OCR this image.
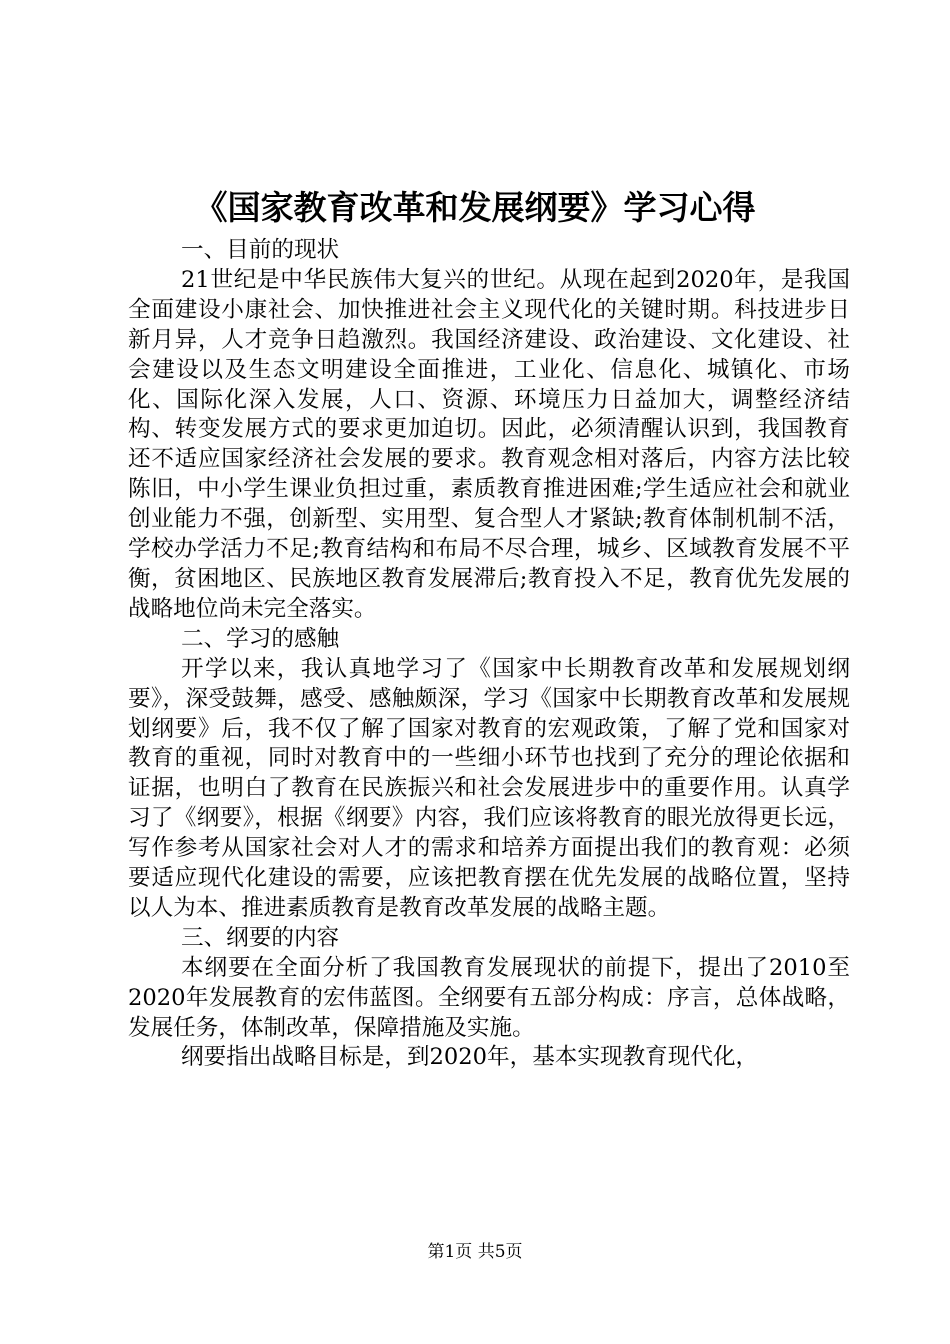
《国家教育改革和发展纲要》学习心得
一、目前的现状

21世纪是中华民族伟大复兴的世纪。从现在起到2020年，是我国全面建设小康社会、加快推进社会主义现代化的关键时期。科技进步日新月异，人才竞争日趋激烈。我国经济建设、政治建设、文化建设、社会建设以及生态文明建设全面推进，工业化、信息化、城镇化、市场化、国际化深入发展，人口、资源、环境压力日益加大，调整经济结构、转变发展方式的要求更加迫切。因此，必须清醒认识到，我国教育还不适应国家经济社会发展的要求。教育观念相对落后，内容方法比较陈旧，中小学生课业负担过重，素质教育推进困难;学生适应社会和就业创业能力不强，创新型、实用型、复合型人才紧缺;教育体制机制不活，学校办学活力不足;教育结构和布局不尽合理，城乡、区域教育发展不平衡，贫困地区、民族地区教育发展滞后;教育投入不足，教育优先发展的战略地位尚未完全落实。

二、学习的感触

开学以来，我认真地学习了《国家中长期教育改革和发展规划纲要》，深受鼓舞，感受、感触颇深，学习《国家中长期教育改革和发展规划纲要》后，我不仅了解了国家对教育的宏观政策，了解了党和国家对教育的重视，同时对教育中的一些细小环节也找到了充分的理论依据和证据，也明白了教育在民族振兴和社会发展进步中的重要作用。认真学习了《纲要》，根据《纲要》内容，我们应该将教育的眼光放得更长远，写作参考从国家社会对人才的需求和培养方面提出我们的教育观：必须要适应现代化建设的需要，应该把教育摆在优先发展的战略位置，坚持以人为本、推进素质教育是教育改革发展的战略主题。

三、纲要的内容

本纲要在全面分析了我国教育发展现状的前提下，提出了2010至2020年发展教育的宏伟蓝图。全纲要有五部分构成：序言，总体战略，发展任务，体制改革，保障措施及实施。

纲要指出战略目标是，到2020年，基本实现教育现代化，

第1页 共5页
